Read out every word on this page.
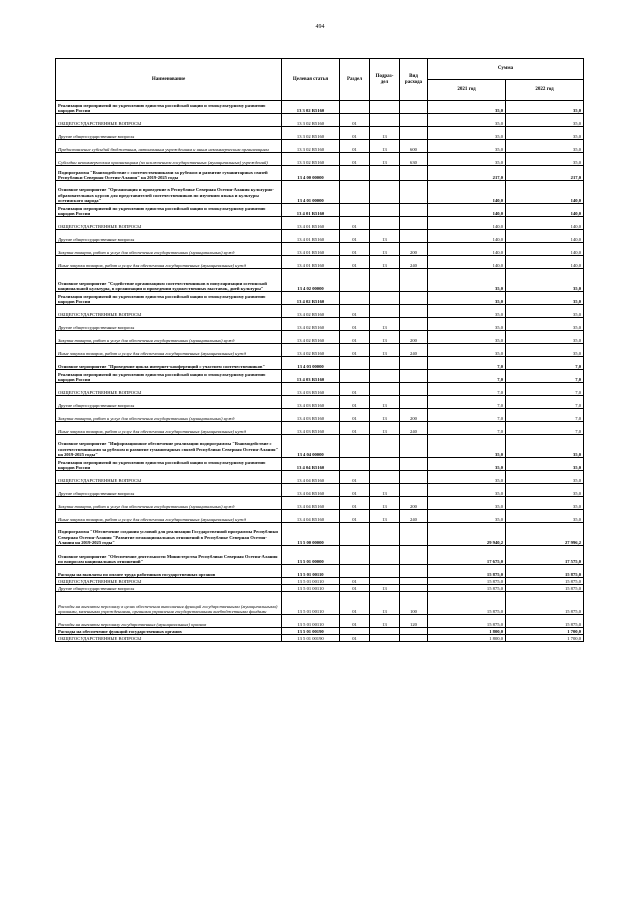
494
Наименование	Целевая статья	Раздел	Подраз-дел	Вид расхода	Сумма	
					2021 год	2022 год
Реализация мероприятий по укреплению единства российской нации и этнокультурному развитию народов России	13 3 02 R5160				35,0	35,0
ОБЩЕГОСУДАРСТВЕННЫЕ ВОПРОСЫ	13 3 02 R5160	01			35,0	35,0
Другие общегосударственные вопросы	13 3 02 R5160	01	13		35,0	35,0
Предоставление субсидий бюджетным, автономным учреждениям и иным некоммерческим организациям	13 3 02 R5160	01	13	600	35,0	35,0
Субсидии некоммерческим организациям (за исключением государственных (муниципальных) учреждений)	13 3 02 R5160	01	13	630	35,0	35,0
Подпрограмма "Взаимодействие с соотечественниками за рубежом и развитие гуманитарных связей Республики Северная Осетия-Алания" на 2019-2025 годы	13 4 00 00000				217,0	217,0
Основное мероприятие "Организация и проведение в Республике Северная Осетия-Алания культурно-образовательных курсов для представителей соотечественников по изучению языка и культуры осетинского народа"	13 4 01 00000				140,0	140,0
Реализация мероприятий по укреплению единства российской нации и этнокультурному развитию народов России	13 4 01 R5160				140,0	140,0
ОБЩЕГОСУДАРСТВЕННЫЕ ВОПРОСЫ	13 4 01 R5160	01			140,0	140,0
Другие общегосударственные вопросы	13 4 01 R5160	01	13		140,0	140,0
Закупка товаров, работ и услуг для обеспечения государственных (муниципальных) нужд	13 4 01 R5160	01	13	200	140,0	140,0
Иные закупки товаров, работ и услуг для обеспечения государственных (муниципальных) нужд	13 4 01 R5160	01	13	240	140,0	140,0
Основное мероприятие "Содействие организациям соотечественников в популяризации осетинской национальной культуры, в организации и проведении художественных выставок, дней культуры"	13 4 02 00000				35,0	35,0
Реализация мероприятий по укреплению единства российской нации и этнокультурному развитию народов России	13 4 02 R5160				35,0	35,0
ОБЩЕГОСУДАРСТВЕННЫЕ ВОПРОСЫ	13 4 02 R5160	01			35,0	35,0
Другие общегосударственные вопросы	13 4 02 R5160	01	13		35,0	35,0
Закупка товаров, работ и услуг для обеспечения государственных (муниципальных) нужд	13 4 02 R5160	01	13	200	35,0	35,0
Иные закупки товаров, работ и услуг для обеспечения государственных (муниципальных) нужд	13 4 02 R5160	01	13	240	35,0	35,0
Основное мероприятие "Проведение цикла интернет-конференций с участием соотечественников"	13 4 03 00000				7,0	7,0
Реализация мероприятий по укреплению единства российской нации и этнокультурному развитию народов России	13 4 03 R5160				7,0	7,0
ОБЩЕГОСУДАРСТВЕННЫЕ ВОПРОСЫ	13 4 03 R5160	01			7,0	7,0
Другие общегосударственные вопросы	13 4 03 R5160	01	13		7,0	7,0
Закупка товаров, работ и услуг для обеспечения государственных (муниципальных) нужд	13 4 03 R5160	01	13	200	7,0	7,0
Иные закупки товаров, работ и услуг для обеспечения государственных (муниципальных) нужд	13 4 03 R5160	01	13	240	7,0	7,0
Основное мероприятие "Информационное обеспечение реализации подпрограммы "Взаимодействие с соотечественниками за рубежом и развитие гуманитарных связей Республики Северная Осетия-Алания" на 2019-2025 годы"	13 4 04 00000				35,0	35,0
Реализация мероприятий по укреплению единства российской нации и этнокультурному развитию народов России	13 4 04 R5160				35,0	35,0
ОБЩЕГОСУДАРСТВЕННЫЕ ВОПРОСЫ	13 4 04 R5160	01			35,0	35,0
Другие общегосударственные вопросы	13 4 04 R5160	01	13		35,0	35,0
Закупка товаров, работ и услуг для обеспечения государственных (муниципальных) нужд	13 4 04 R5160	01	13	200	35,0	35,0
Иные закупки товаров, работ и услуг для обеспечения государственных (муниципальных) нужд	13 4 04 R5160	01	13	240	35,0	35,0
Подпрограмма "Обеспечение создания условий для реализации Государственной программы Республики Северная Осетия-Алания "Развитие межнациональных отношений в Республике Северная Осетия-Алания на 2019-2025 годы"	13 5 00 00000				29 940,2	27 996,2
Основное мероприятие "Обеспечение деятельности Министерства Республики Северная Осетия-Алания по вопросам национальных отношений"	13 5 01 00000				17 675,0	17 575,0
Расходы на выплаты по оплате труда работников государственных органов	13 5 01 00110				15 875,0	15 875,0
ОБЩЕГОСУДАРСТВЕННЫЕ ВОПРОСЫ	13 5 01 00110	01			15 875,0	15 875,0
Другие общегосударственные вопросы	13 5 01 00110	01	13		15 875,0	15 875,0
Расходы на выплаты персоналу в целях обеспечения выполнения функций государственными (муниципальными) органами, казенными учреждениями, органами управления государственными внебюджетными фондами	13 5 01 00110	01	13	100	15 875,0	15 875,0
Расходы на выплаты персоналу государственных (муниципальных) органов	13 5 01 00110	01	13	120	15 875,0	15 875,0
Расходы на обеспечение функций государственных органов	13 5 01 00190				1 800,0	1 700,0
ОБЩЕГОСУДАРСТВЕННЫЕ ВОПРОСЫ	13 5 01 00190	01			1 800,0	1 700,0
